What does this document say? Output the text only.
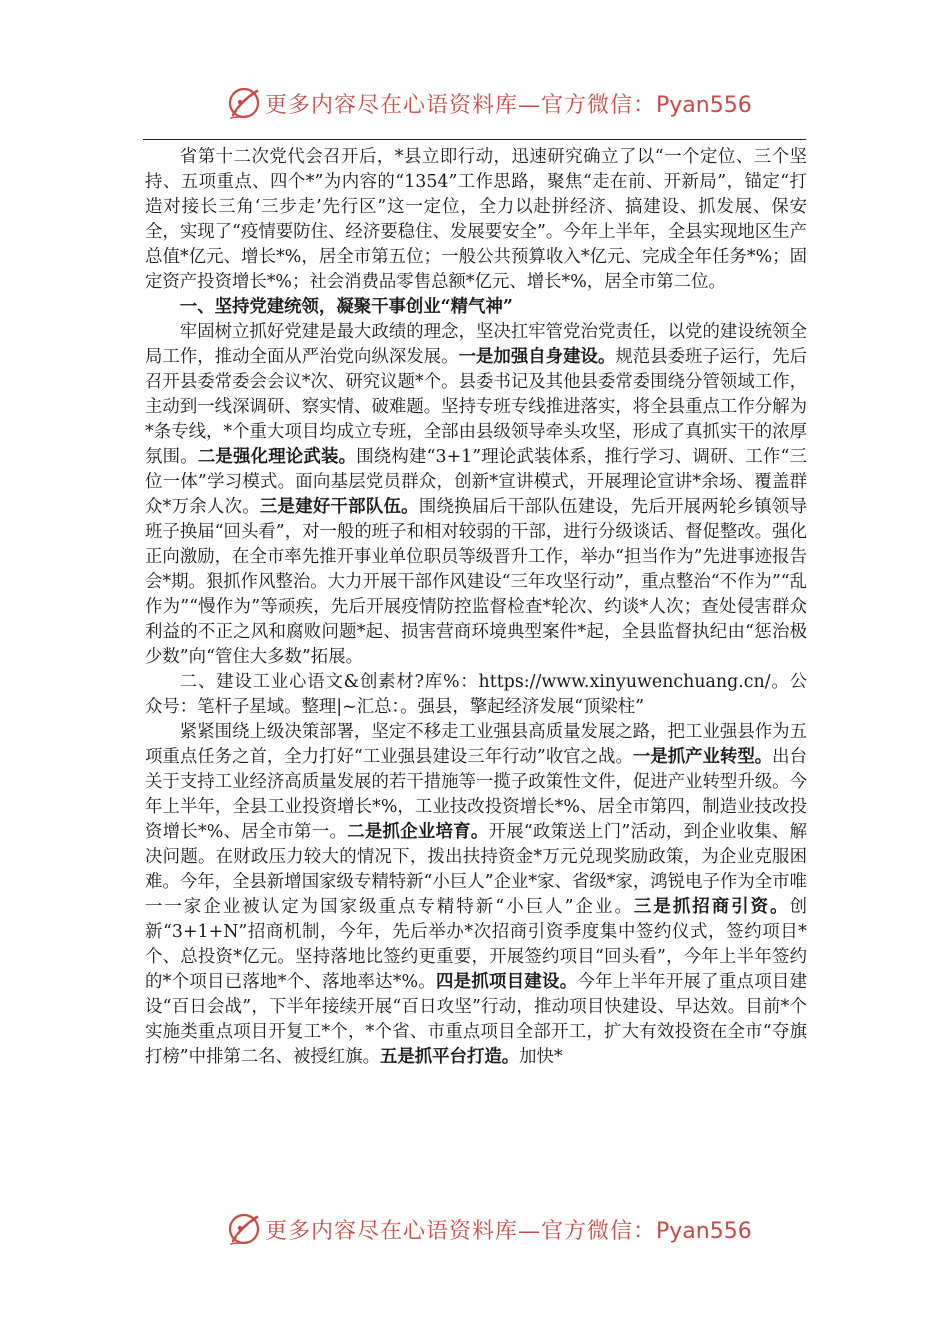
更多内容尽在心语资料库—官方微信：Pyan556

省第十二次党代会召开后，*县立即行动，迅速研究确立了以“一个定位、三个坚持、五项重点、四个*”为内容的“1354”工作思路，聚焦“走在前、开新局”，锚定“打造对接长三角‘三步走’先行区”这一定位，全力以赴拼经济、搞建设、抓发展、保安全，实现了“疫情要防住、经济要稳住、发展要安全”。今年上半年，全县实现地区生产总值*亿元、增长*%，居全市第五位；一般公共预算收入*亿元、完成全年任务*%；固定资产投资增长*%；社会消费品零售总额*亿元、增长*%，居全市第二位。

一、坚持党建统领，凝聚干事创业“精气神”

牢固树立抓好党建是最大政绩的理念，坚决扛牢管党治党责任，以党的建设统领全局工作，推动全面从严治党向纵深发展。一是加强自身建设。规范县委班子运行，先后召开县委常委会会议*次、研究议题*个。县委书记及其他县委常委围绕分管领域工作，主动到一线深调研、察实情、破难题。坚持专班专线推进落实，将全县重点工作分解为*条专线，*个重大项目均成立专班，全部由县级领导牵头攻坚，形成了真抓实干的浓厚氛围。二是强化理论武装。围绕构建“3+1”理论武装体系，推行学习、调研、工作“三位一体”学习模式。面向基层党员群众，创新*宣讲模式，开展理论宣讲*余场、覆盖群众*万余人次。三是建好干部队伍。围绕换届后干部队伍建设，先后开展两轮乡镇领导班子换届“回头看”，对一般的班子和相对较弱的干部，进行分级谈话、督促整改。强化正向激励，在全市率先推开事业单位职员等级晋升工作，举办“担当作为”先进事迹报告会*期。狠抓作风整治。大力开展干部作风建设“三年攻坚行动”，重点整治“不作为”“乱作为”“慢作为”等顽疾，先后开展疫情防控监督检查*轮次、约谈*人次；查处侵害群众利益的不正之风和腐败问题*起、损害营商环境典型案件*起，全县监督执纪由“惩治极少数”向“管住大多数”拓展。

二、建设工业心语文&创素材?库%：https://www.xinyuwenchuang.cn/。公众号：笔杆子星域。整理|~汇总：。强县，擎起经济发展“顶梁柱”

紧紧围绕上级决策部署，坚定不移走工业强县高质量发展之路，把工业强县作为五项重点任务之首，全力打好“工业强县建设三年行动”收官之战。一是抓产业转型。出台关于支持工业经济高质量发展的若干措施等一揽子政策性文件，促进产业转型升级。今年上半年，全县工业投资增长*%，工业技改投资增长*%、居全市第四，制造业技改投资增长*%、居全市第一。二是抓企业培育。开展“政策送上门”活动，到企业收集、解决问题。在财政压力较大的情况下，拨出扶持资金*万元兑现奖励政策，为企业克服困难。今年，全县新增国家级专精特新“小巨人”企业*家、省级*家，鸿锐电子作为全市唯一一家企业被认定为国家级重点专精特新“小巨人”企业。三是抓招商引资。创新“3+1+N”招商机制，今年，先后举办*次招商引资季度集中签约仪式，签约项目*个、总投资*亿元。坚持落地比签约更重要，开展签约项目“回头看”，今年上半年签约的*个项目已落地*个、落地率达*%。四是抓项目建设。今年上半年开展了重点项目建设“百日会战”，下半年接续开展“百日攻坚”行动，推动项目快建设、早达效。目前*个实施类重点项目开复工*个，*个省、市重点项目全部开工，扩大有效投资在全市“夺旗打榜”中排第二名、被授红旗。五是抓平台打造。加快*

更多内容尽在心语资料库—官方微信：Pyan556
